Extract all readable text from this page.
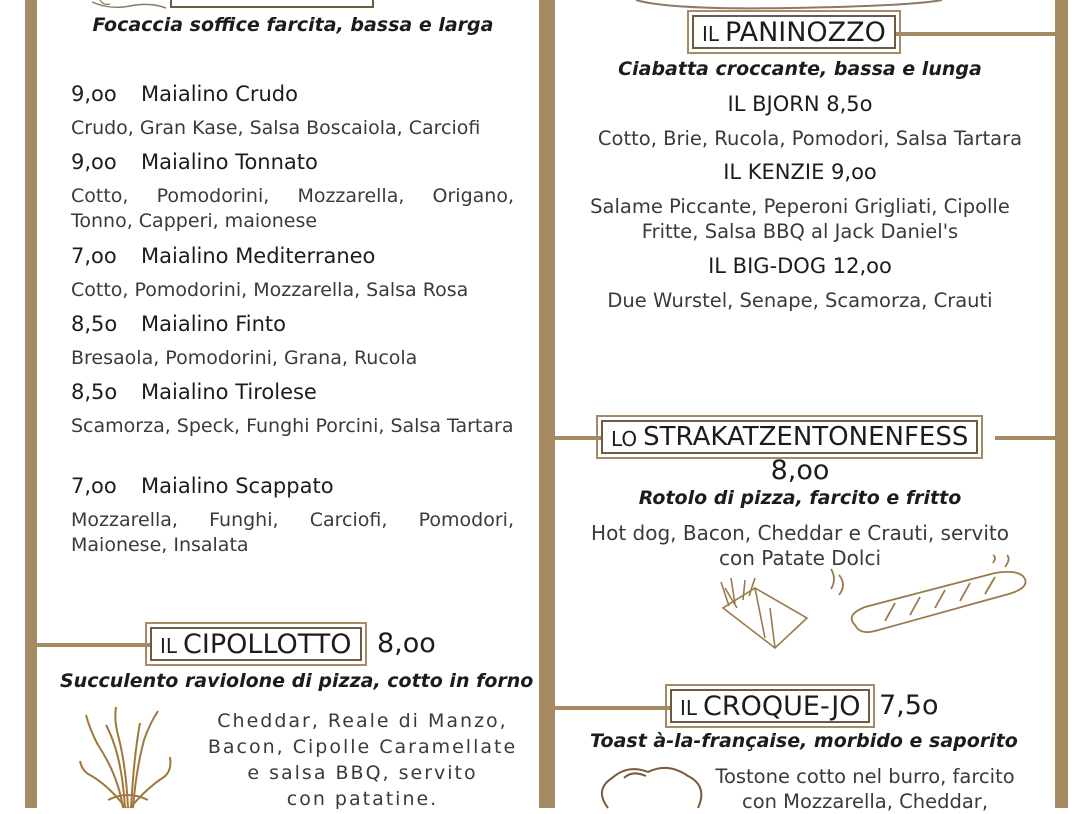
Focaccia soffice farcita, bassa e larga
9,oo Maialino Crudo
Crudo, Gran Kase, Salsa Boscaiola, Carciofi
9,oo Maialino Tonnato
Cotto, Pomodorini, Mozzarella, Origano, Tonno, Capperi, maionese
7,oo Maialino Mediterraneo
Cotto, Pomodorini, Mozzarella, Salsa Rosa
8,5o Maialino Finto
Bresaola, Pomodorini, Grana, Rucola
8,5o Maialino Tirolese
Scamorza, Speck, Funghi Porcini, Salsa Tartara
7,oo Maialino Scappato
Mozzarella, Funghi, Carciofi, Pomodori, Maionese, Insalata
IL CIPOLLOTTO 8,oo
Succulento raviolone di pizza, cotto in forno
Cheddar, Reale di Manzo,
Bacon, Cipolle Caramellate
e salsa BBQ, servito
con patatine.
IL PANINOZZO
Ciabatta croccante, bassa e lunga
IL BJORN 8,5o
Cotto, Brie, Rucola, Pomodori, Salsa Tartara
IL KENZIE 9,oo
Salame Piccante, Peperoni Grigliati, Cipolle Fritte, Salsa BBQ al Jack Daniel's
IL BIG-DOG 12,oo
Due Wurstel, Senape, Scamorza, Crauti
LO STRAKATZENTONENFESS
8,oo
Rotolo di pizza, farcito e fritto
Hot dog, Bacon, Cheddar e Crauti, servito con Patate Dolci
IL CROQUE-JO 7,5o
Toast à-la-française, morbido e saporito
Tostone cotto nel burro, farcito
con Mozzarella, Cheddar,
